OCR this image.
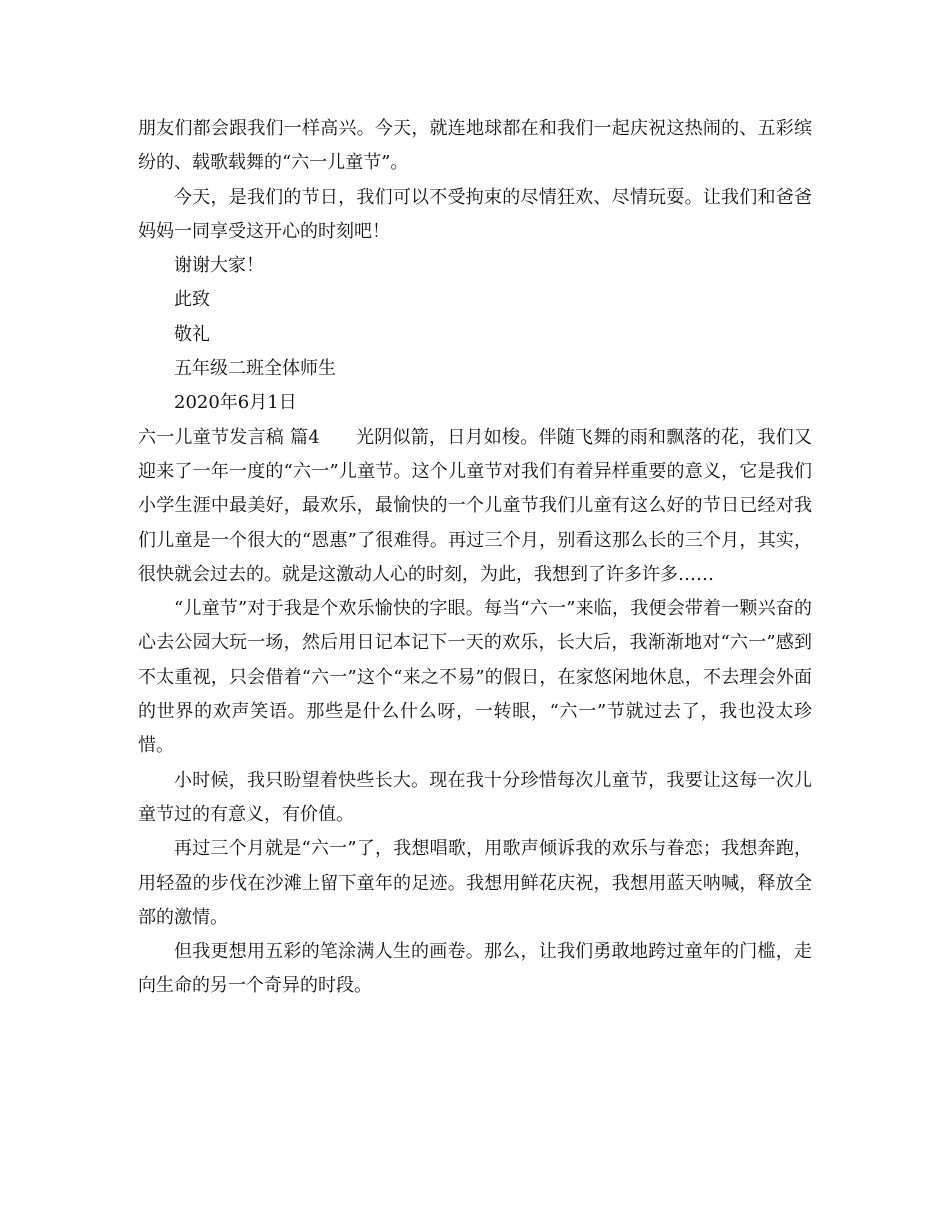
朋友们都会跟我们一样高兴。今天，就连地球都在和我们一起庆祝这热闹的、五彩缤纷的、载歌载舞的“六一儿童节”。

今天，是我们的节日，我们可以不受拘束的尽情狂欢、尽情玩耍。让我们和爸爸妈妈一同享受这开心的时刻吧！

谢谢大家！

此致

敬礼

五年级二班全体师生

2020年6月1日

六一儿童节发言稿 篇4 光阴似箭，日月如梭。伴随飞舞的雨和飘落的花，我们又迎来了一年一度的“六一”儿童节。这个儿童节对我们有着异样重要的意义，它是我们小学生涯中最美好，最欢乐，最愉快的一个儿童节我们儿童有这么好的节日已经对我们儿童是一个很大的“恩惠”了很难得。再过三个月，别看这那么长的三个月，其实，很快就会过去的。就是这激动人心的时刻，为此，我想到了许多许多……

“儿童节”对于我是个欢乐愉快的字眼。每当“六一”来临，我便会带着一颗兴奋的心去公园大玩一场，然后用日记本记下一天的欢乐，长大后，我渐渐地对“六一”感到不太重视，只会借着“六一”这个“来之不易”的假日，在家悠闲地休息，不去理会外面的世界的欢声笑语。那些是什么什么呀，一转眼，“六一”节就过去了，我也没太珍惜。

小时候，我只盼望着快些长大。现在我十分珍惜每次儿童节，我要让这每一次儿童节过的有意义，有价值。

再过三个月就是“六一”了，我想唱歌，用歌声倾诉我的欢乐与眷恋；我想奔跑，用轻盈的步伐在沙滩上留下童年的足迹。我想用鲜花庆祝，我想用蓝天呐喊，释放全部的激情。

但我更想用五彩的笔涂满人生的画卷。那么，让我们勇敢地跨过童年的门槛，走向生命的另一个奇异的时段。
